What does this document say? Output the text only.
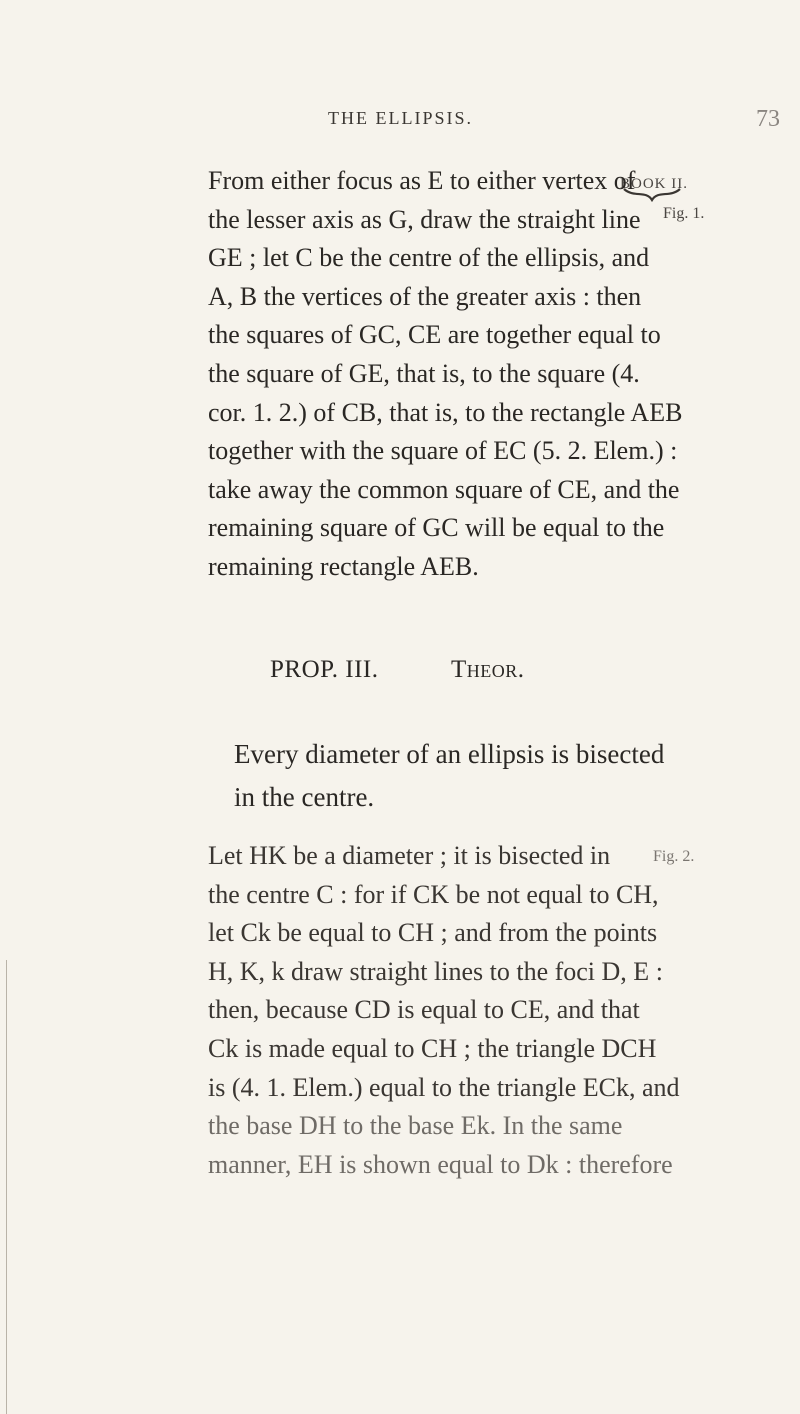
THE ELLIPSIS.	73
BOOK II.
Fig. 1.
Fig. 2.

From either focus as E to either vertex of
the lesser axis as G, draw the straight line
GE ; let C be the centre of the ellipsis, and
A, B the vertices of the greater axis : then
the squares of GC, CE are together equal to
the square of GE, that is, to the square (4.
cor. 1. 2.) of CB, that is, to the rectangle AEB
together with the square of EC (5. 2. Elem.) :
take away the common square of CE, and the
remaining square of GC will be equal to the
remaining rectangle AEB.

PROP. III.	Theor.

Every diameter of an ellipsis is bisected
in the centre.

Let HK be a diameter ; it is bisected in
the centre C : for if CK be not equal to CH,
let Ck be equal to CH ; and from the points
H, K, k draw straight lines to the foci D, E :
then, because CD is equal to CE, and that
Ck is made equal to CH ; the triangle DCH
is (4. 1. Elem.) equal to the triangle ECk, and
the base DH to the base Ek. In the same
manner, EH is shown equal to Dk : therefore
